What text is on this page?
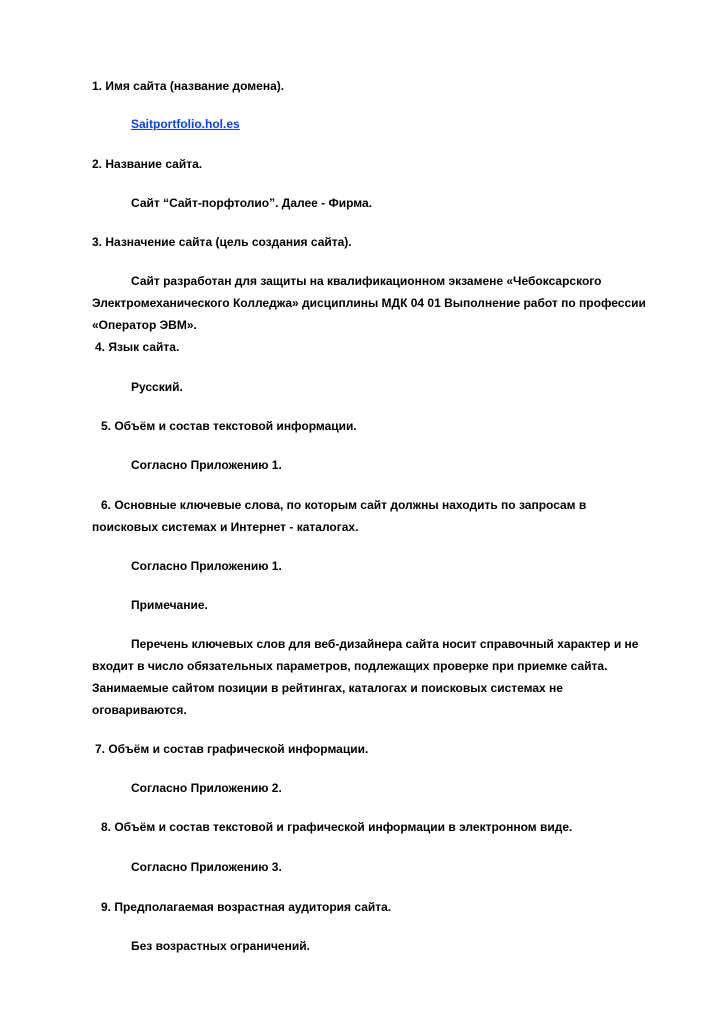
1. Имя сайта (название домена).
Saitportfolio.hol.es
2. Название сайта.
Сайт “Сайт-порфтолио”. Далее - Фирма.
3. Назначение сайта (цель создания сайта).
Сайт разработан для защиты на квалификационном экзамене «Чебоксарского
Электромеханического Колледжа» дисциплины МДК 04 01 Выполнение работ по профессии
«Оператор ЭВМ».
4. Язык сайта.
Русский.
5. Объём и состав текстовой информации.
Согласно Приложению 1.
6. Основные ключевые слова, по которым сайт должны находить по запросам в
поисковых системах и Интернет - каталогах.
Согласно Приложению 1.
Примечание.
Перечень ключевых слов для веб-дизайнера сайта носит справочный характер и не
входит в число обязательных параметров, подлежащих проверке при приемке сайта.
Занимаемые сайтом позиции в рейтингах, каталогах и поисковых системах не
оговариваются.
7. Объём и состав графической информации.
Согласно Приложению 2.
8. Объём и состав текстовой и графической информации в электронном виде.
Согласно Приложению 3.
9. Предполагаемая возрастная аудитория сайта.
Без возрастных ограничений.
